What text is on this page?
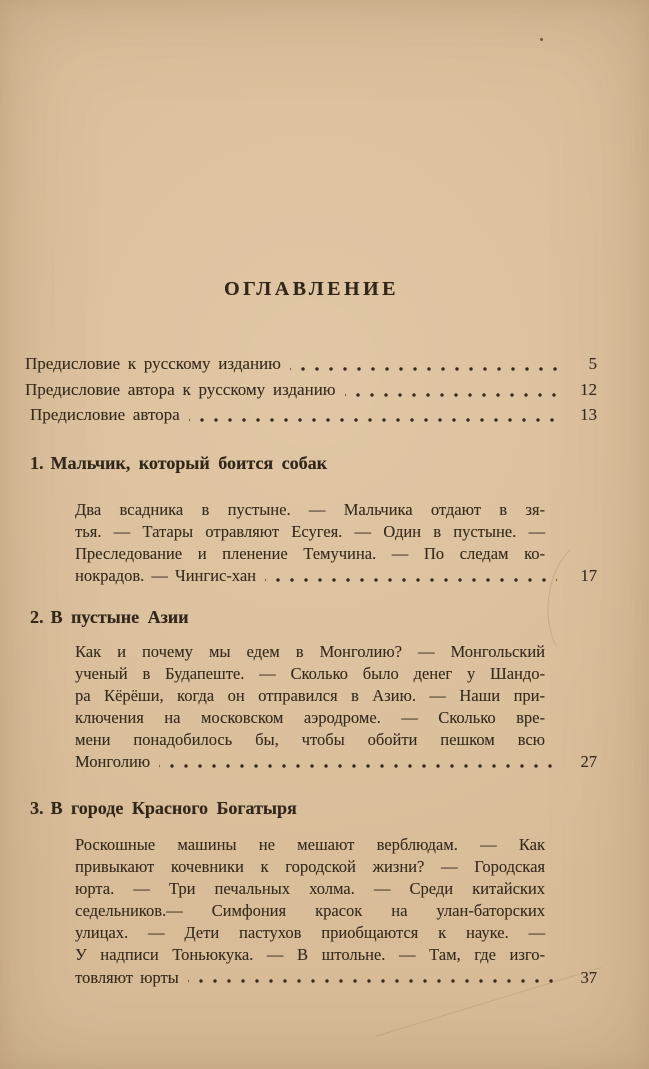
ОГЛАВЛЕНИЕ
Предисловие к русскому изданию	5
Предисловие автора к русскому изданию	12
Предисловие автора	13
1. Мальчик, который боится собак
Два всадника в пустыне. — Мальчика отдают в зя-
тья. — Татары отравляют Есугея. — Один в пустыне. —
Преследование и пленение Темучина. — По следам ко-
нокрадов. — Чингис-хан	17
2. В пустыне Азии
Как и почему мы едем в Монголию? — Монгольский
ученый в Будапеште. — Сколько было денег у Шандо-
ра Кёрёши, когда он отправился в Азию. — Наши при-
ключения на московском аэродроме. — Сколько вре-
мени понадобилось бы, чтобы обойти пешком всю
Монголию	27
3. В городе Красного Богатыря
Роскошные машины не мешают верблюдам. — Как
привыкают кочевники к городской жизни? — Городская
юрта. — Три печальных холма. — Среди китайских
седельников.— Симфония красок на улан-баторских
улицах. — Дети пастухов приобщаются к науке. —
У надписи Тоньюкука. — В штольне. — Там, где изго-
товляют юрты	37
